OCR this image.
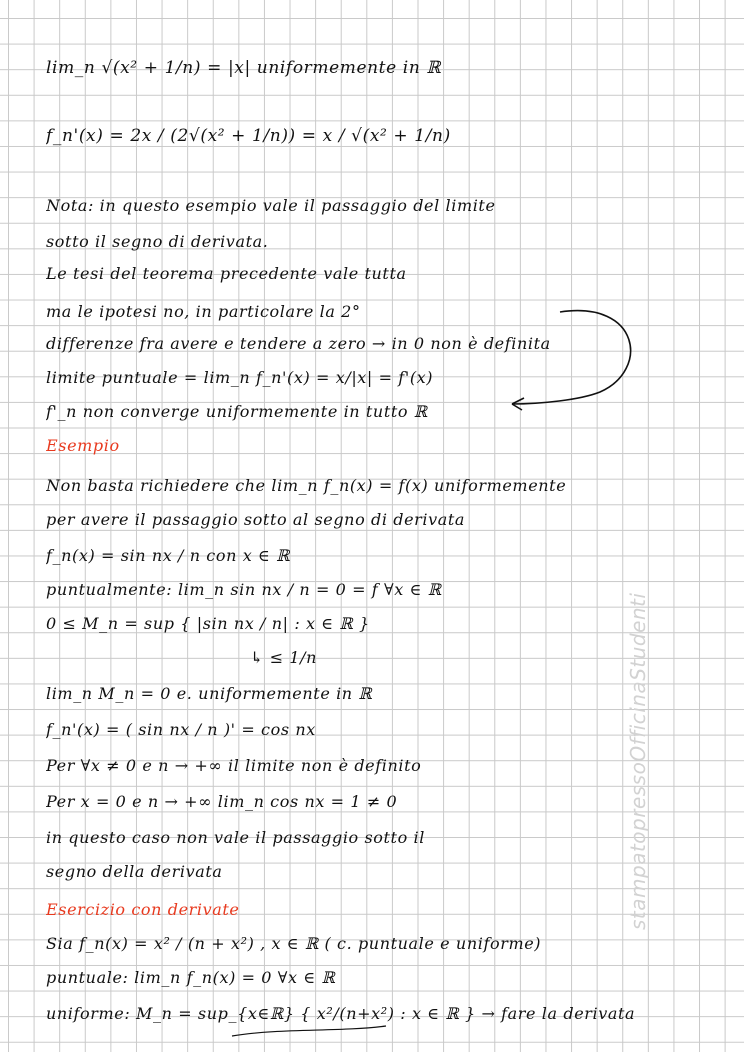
lim_n √(x² + 1/n) = |x| uniformemente in ℝ
f_n'(x) = 2x / (2√(x² + 1/n)) = x / √(x² + 1/n)
Nota: in questo esempio vale il passaggio del limite
sotto il segno di derivata.
Le tesi del teorema precedente vale tutta
ma le ipotesi no, in particolare la 2°
differenze fra avere e tendere a zero → in 0 non è definita
limite puntuale = lim_n f_n'(x) = x/|x| = f'(x)
f'_n non converge uniformemente in tutto ℝ
Esempio
Non basta richiedere che lim_n f_n(x) = f(x) uniformemente
per avere il passaggio sotto al segno di derivata
f_n(x) = sin nx / n con x ∈ ℝ
puntualmente: lim_n sin nx / n = 0 = f ∀x ∈ ℝ
0 ≤ M_n = sup { |sin nx / n| : x ∈ ℝ }
↳ ≤ 1/n
lim_n M_n = 0 e. uniformemente in ℝ
f_n'(x) = ( sin nx / n )' = cos nx
Per ∀x ≠ 0 e n → +∞ il limite non è definito
Per x = 0 e n → +∞ lim_n cos nx = 1 ≠ 0
in questo caso non vale il passaggio sotto il
segno della derivata
Esercizio con derivate
Sia f_n(x) = x² / (n + x²) , x ∈ ℝ ( c. puntuale e uniforme)
puntuale: lim_n f_n(x) = 0 ∀x ∈ ℝ
uniforme: M_n = sup_{x∈ℝ} { x²/(n+x²) : x ∈ ℝ } → fare la derivata
stampatopressoOfficinaStudenti
